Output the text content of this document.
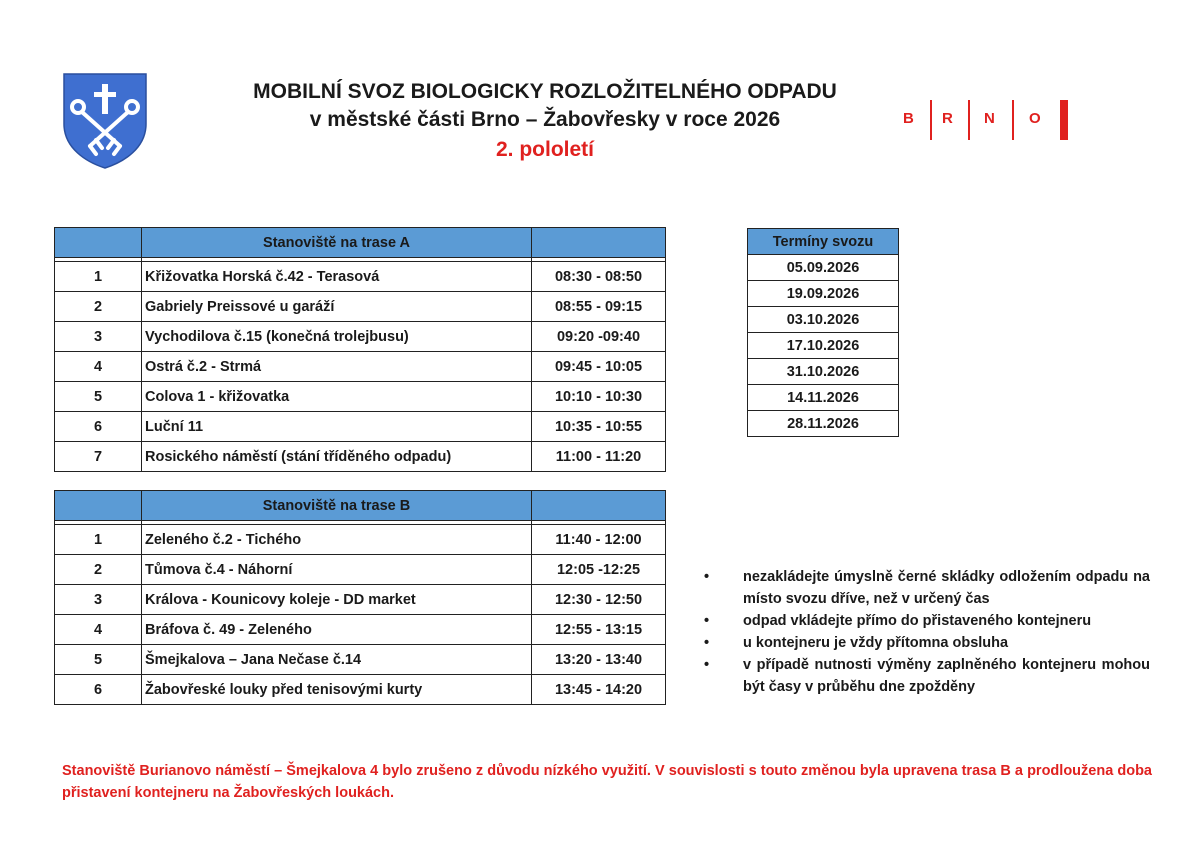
MOBILNÍ SVOZ BIOLOGICKY ROZLOŽITELNÉHO ODPADU
v městské části Brno – Žabovřesky v roce 2026
2. pololetí
B R N O
	Stanoviště na trase A	

1	Křižovatka Horská č.42 - Terasová	08:30 - 08:50
2	Gabriely Preissové u garáží	08:55 - 09:15
3	Vychodilova č.15 (konečná trolejbusu)	09:20 -09:40
4	Ostrá č.2 - Strmá	09:45 - 10:05
5	Colova 1 - křižovatka	10:10 - 10:30
6	Luční 11	10:35 - 10:55
7	Rosického náměstí (stání tříděného odpadu)	11:00 - 11:20
	Stanoviště na trase B	

1	Zeleného č.2 - Tichého	11:40 - 12:00
2	Tůmova č.4 - Náhorní	12:05 -12:25
3	Králova - Kounicovy koleje - DD market	12:30 - 12:50
4	Bráfova č. 49 - Zeleného	12:55 - 13:15
5	Šmejkalova – Jana Nečase č.14	13:20 - 13:40
6	Žabovřeské louky před tenisovými kurty	13:45 - 14:20
Termíny svozu
05.09.2026
19.09.2026
03.10.2026
17.10.2026
31.10.2026
14.11.2026
28.11.2026
• nezakládejte úmyslně černé skládky odložením odpadu na místo svozu dříve, než v určený čas
• odpad vkládejte přímo do přistaveného kontejneru
• u kontejneru je vždy přítomna obsluha
• v případě nutnosti výměny zaplněného kontejneru mohou být časy v průběhu dne zpožděny
Stanoviště Burianovo náměstí – Šmejkalova 4 bylo zrušeno z důvodu nízkého využití. V souvislosti s touto změnou byla upravena trasa B a prodloužena doba přistavení kontejneru na Žabovřeských loukách.
